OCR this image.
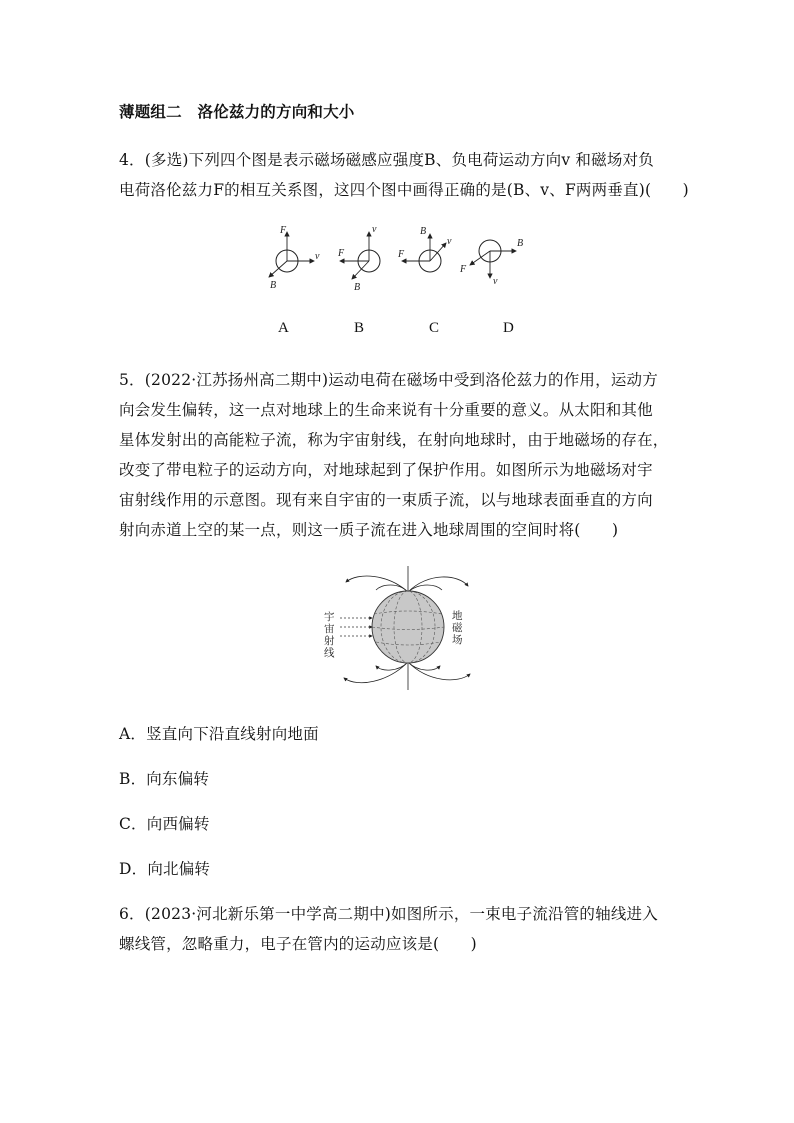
薄题组二　洛伦兹力的方向和大小
4．(多选)下列四个图是表示磁场磁感应强度B、负电荷运动方向v 和磁场对负
电荷洛伦兹力F的相互关系图，这四个图中画得正确的是(B、v、F两两垂直)(　　)
F
v
B
F
v
B
B
F
v	B
F
v
A	B	C	D
5．(2022·江苏扬州高二期中)运动电荷在磁场中受到洛伦兹力的作用，运动方
向会发生偏转，这一点对地球上的生命来说有十分重要的意义。从太阳和其他
星体发射出的高能粒子流，称为宇宙射线，在射向地球时，由于地磁场的存在，
改变了带电粒子的运动方向，对地球起到了保护作用。如图所示为地磁场对宇
宙射线作用的示意图。现有来自宇宙的一束质子流，以与地球表面垂直的方向
射向赤道上空的某一点，则这一质子流在进入地球周围的空间时将(　　)
宇
宙
射
线
地
磁
场
A．竖直向下沿直线射向地面
B．向东偏转
C．向西偏转
D．向北偏转
6．(2023·河北新乐第一中学高二期中)如图所示，一束电子流沿管的轴线进入
螺线管，忽略重力，电子在管内的运动应该是(　　)
